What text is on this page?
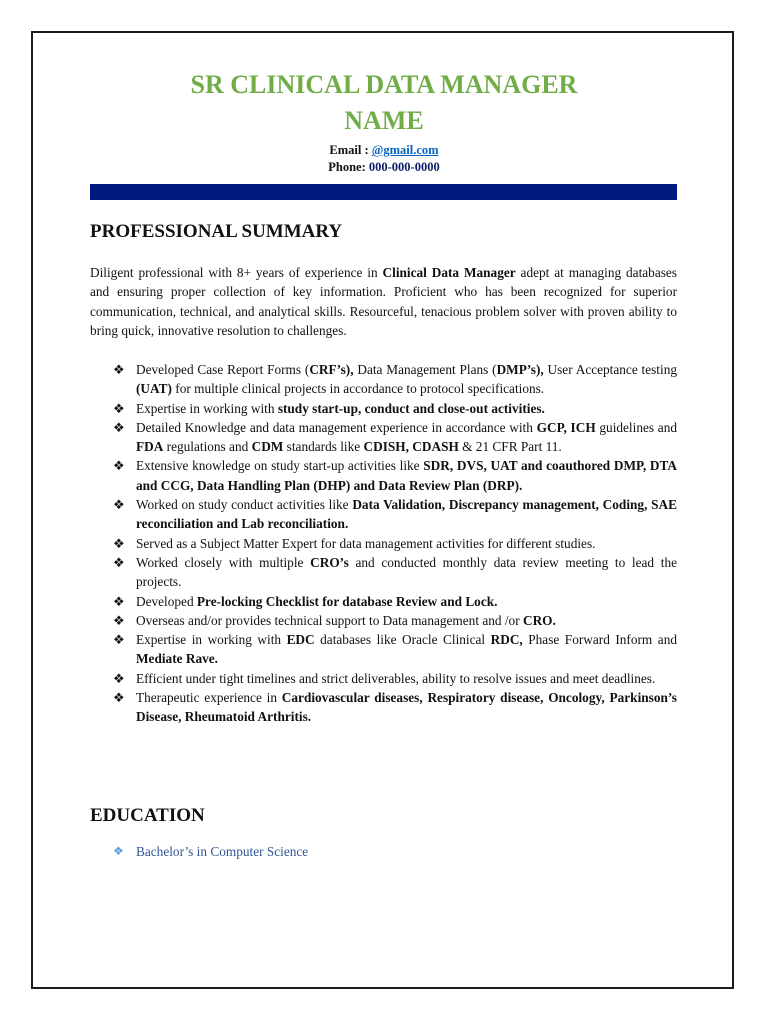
SR CLINICAL DATA MANAGER
NAME
Email : @gmail.com
Phone: 000-000-0000
PROFESSIONAL SUMMARY

Diligent professional with 8+ years of experience in Clinical Data Manager adept at managing databases and ensuring proper collection of key information. Proficient who has been recognized for superior communication, technical, and analytical skills. Resourceful, tenacious problem solver with proven ability to bring quick, innovative resolution to challenges.

❖ Developed Case Report Forms (CRF’s), Data Management Plans (DMP’s), User Acceptance testing (UAT) for multiple clinical projects in accordance to protocol specifications.
❖ Expertise in working with study start-up, conduct and close-out activities.
❖ Detailed Knowledge and data management experience in accordance with GCP, ICH guidelines and FDA regulations and CDM standards like CDISH, CDASH & 21 CFR Part 11.
❖ Extensive knowledge on study start-up activities like SDR, DVS, UAT and coauthored DMP, DTA and CCG, Data Handling Plan (DHP) and Data Review Plan (DRP).
❖ Worked on study conduct activities like Data Validation, Discrepancy management, Coding, SAE reconciliation and Lab reconciliation.
❖ Served as a Subject Matter Expert for data management activities for different studies.
❖ Worked closely with multiple CRO’s and conducted monthly data review meeting to lead the projects.
❖ Developed Pre-locking Checklist for database Review and Lock.
❖ Overseas and/or provides technical support to Data management and /or CRO.
❖ Expertise in working with EDC databases like Oracle Clinical RDC, Phase Forward Inform and Mediate Rave.
❖ Efficient under tight timelines and strict deliverables, ability to resolve issues and meet deadlines.
❖ Therapeutic experience in Cardiovascular diseases, Respiratory disease, Oncology, Parkinson’s Disease, Rheumatoid Arthritis.
EDUCATION
❖ Bachelor’s in Computer Science
